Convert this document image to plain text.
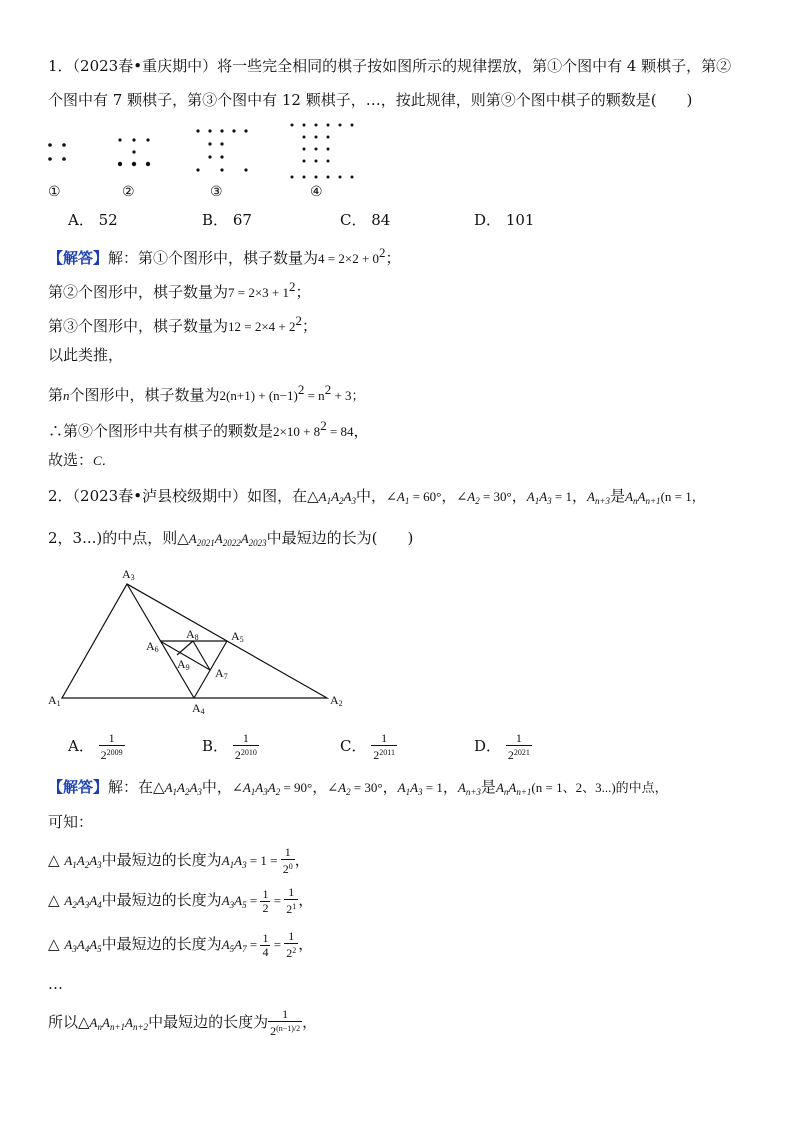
1．（2023春•重庆期中）将一些完全相同的棋子按如图所示的规律摆放，第①个图中有 4 颗棋子，第②
个图中有 7 颗棋子，第③个图中有 12 颗棋子，…，按此规律，则第⑨个图中棋子的颗数是(　　)
①	②	③	④
A． 52	B． 67	C． 84	D． 101
【解答】解：第①个图形中，棋子数量为$4 = 2\times 2 + 0^2$；
第②个图形中，棋子数量为$7 = 2\times 3 + 1^2$；
第③个图形中，棋子数量为$12 = 2\times 4 + 2^2$；
以此类推，
第n个图形中，棋子数量为$2(n+1) + (n-1)^2 = n^2 + 3$；
∴第⑨个图形中共有棋子的颗数是$2\times 10 + 8^2 = 84$，
故选：C．
2．（2023春•泸县校级期中）如图，在$\triangle A_1A_2A_3$中，$\angle A_1 = 60^\circ$，$\angle A_2 = 30^\circ$，$A_1A_3 = 1$，$A_{n+3}$是$A_nA_{n+1}(n = 1$，
2，3...)的中点，则$\triangle A_{2021}A_{2022}A_{2023}$中最短边的长为(　　)
A3
A8	A5
A6
A9 A7
A1	A4
A2
A． $\frac{1}{2^{2009}}$	B． $\frac{1}{2^{2010}}$	C． $\frac{1}{2^{2011}}$	D． $\frac{1}{2^{2021}}$
【解答】解：在$\triangle A_1A_2A_3$中，$\angle A_1A_3A_2 = 90^\circ$，$\angle A_2 = 30^\circ$，$A_1A_3 = 1$，$A_{n+3}$是$A_nA_{n+1}(n = 1$、2、3...)的中点，
可知：
△ $A_1A_2A_3$中最短边的长度为$A_1A_3 = 1 = \frac{1}{2^0}$ ，
△ $A_2A_3A_4$中最短边的长度为$A_3A_5 = \frac{1}{2} = \frac{1}{2^1}$ ，
△ $A_3A_4A_5$中最短边的长度为$A_5A_7 = \frac{1}{4} = \frac{1}{2^2}$ ，
…
所以$\triangle A_nA_{n+1}A_{n+2}$中最短边的长度为 $\frac{1}{2^{(n-1)/2}}$ ，
